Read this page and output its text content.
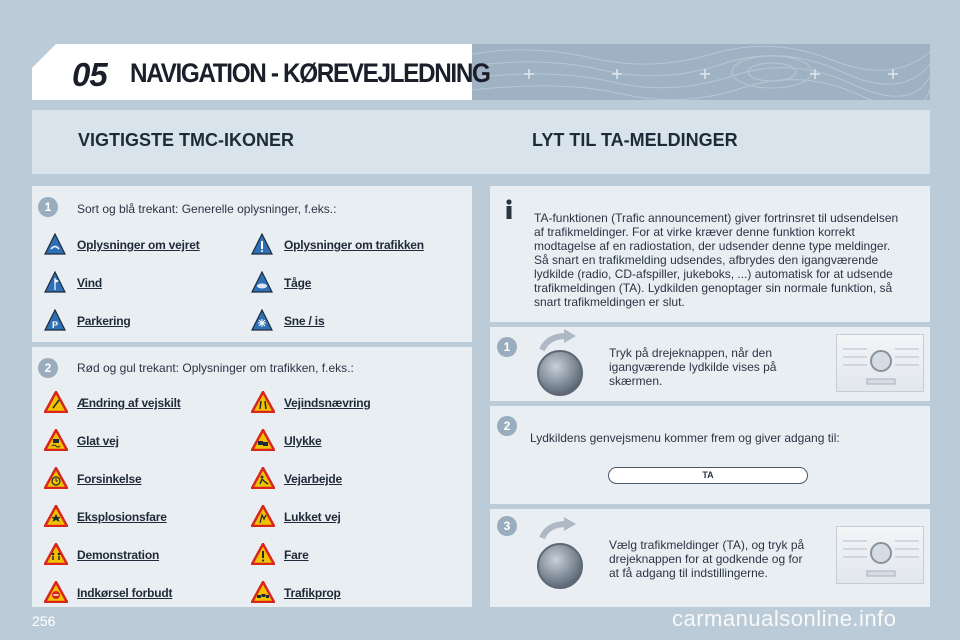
05 NAVIGATION - KØREVEJLEDNING
VIGTIGSTE TMC-IKONER	LYT TIL TA-MELDINGER
1	Sort og blå trekant: Generelle oplysninger, f.eks.:
Oplysninger om vejret	Oplysninger om trafikken
Vind	Tåge
P Parkering	Sne / is
2	Rød og gul trekant: Oplysninger om trafikken, f.eks.:
Ændring af vejskilt	Vejindsnævring
Glat vej	Ulykke
Forsinkelse	Vejarbejde
Eksplosionsfare	Lukket vej
Demonstration	Fare
Indkørsel forbudt	Trafikprop
TA-funktionen (Trafic announcement) giver fortrinsret til udsendelsen
af trafikmeldinger. For at virke kræver denne funktion korrekt
modtagelse af en radiostation, der udsender denne type meldinger.
Så snart en trafikmelding udsendes, afbrydes den igangværende
lydkilde (radio, CD-afspiller, jukeboks, ...) automatisk for at udsende
trafikmeldingen (TA). Lydkilden genoptager sin normale funktion, så
snart trafikmeldingen er slut.
1	Tryk på drejeknappen, når den
igangværende lydkilde vises på
skærmen.
2
Lydkildens genvejsmenu kommer frem og giver adgang til:
TA
3
Vælg trafikmeldinger (TA), og tryk på
drejeknappen for at godkende og for
at få adgang til indstillingerne.
256	carmanualsonline.info
